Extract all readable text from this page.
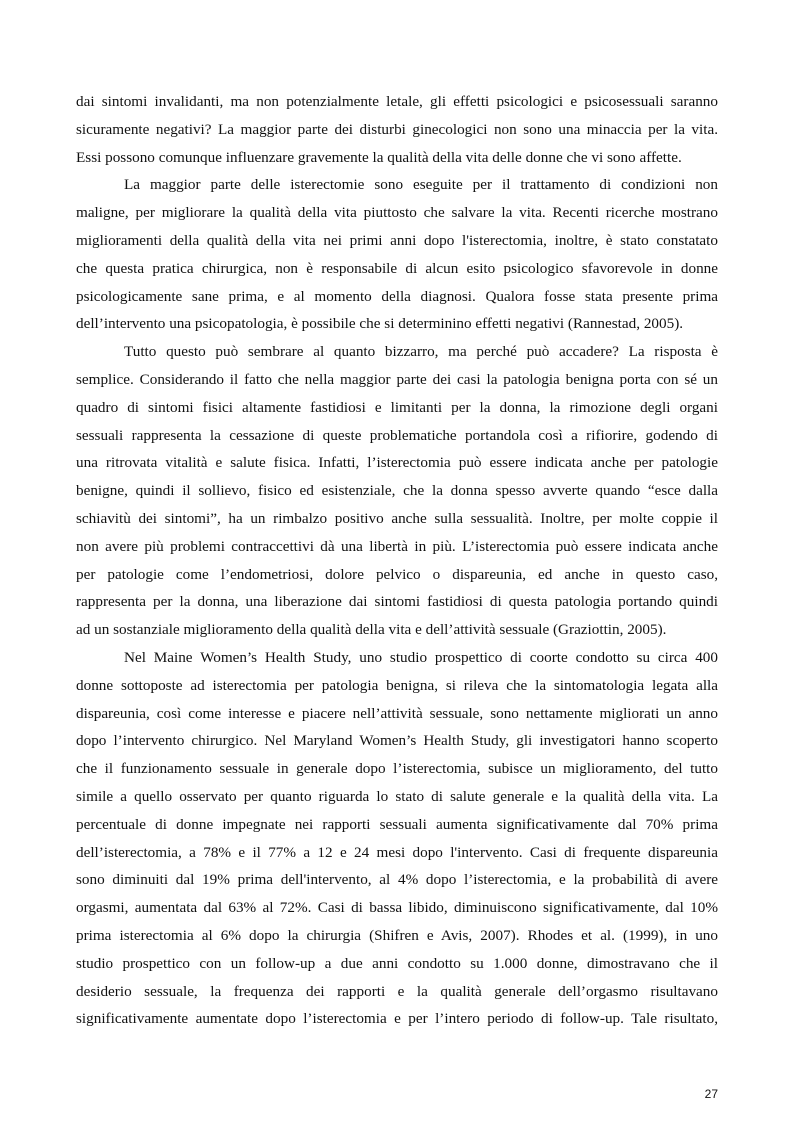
dai sintomi invalidanti, ma non potenzialmente letale, gli effetti psicologici e psicosessuali saranno
sicuramente negativi? La maggior parte dei disturbi ginecologici non sono una minaccia per la vita.
Essi possono comunque influenzare gravemente la qualità della vita delle donne che vi sono affette.
La maggior parte delle isterectomie sono eseguite per il trattamento di condizioni non
maligne, per migliorare la qualità della vita piuttosto che salvare la vita. Recenti ricerche mostrano
miglioramenti della qualità della vita nei primi anni dopo l'isterectomia, inoltre, è stato constatato
che questa pratica chirurgica, non è responsabile di alcun esito psicologico sfavorevole in donne
psicologicamente sane prima, e al momento della diagnosi. Qualora fosse stata presente prima
dell’intervento una psicopatologia, è possibile che si determinino effetti negativi (Rannestad, 2005).
Tutto questo può sembrare al quanto bizzarro, ma perché può accadere? La risposta è
semplice. Considerando il fatto che nella maggior parte dei casi la patologia benigna porta con sé un
quadro di sintomi fisici altamente fastidiosi e limitanti per la donna, la rimozione degli organi
sessuali rappresenta la cessazione di queste problematiche portandola così a rifiorire, godendo di
una ritrovata vitalità e salute fisica. Infatti, l’isterectomia può essere indicata anche per patologie
benigne, quindi il sollievo, fisico ed esistenziale, che la donna spesso avverte quando “esce dalla
schiavitù dei sintomi”, ha un rimbalzo positivo anche sulla sessualità. Inoltre, per molte coppie il
non avere più problemi contraccettivi dà una libertà in più. L’isterectomia può essere indicata anche
per patologie come l’endometriosi, dolore pelvico o dispareunia, ed anche in questo caso,
rappresenta per la donna, una liberazione dai sintomi fastidiosi di questa patologia portando quindi
ad un sostanziale miglioramento della qualità della vita e dell’attività sessuale (Graziottin, 2005).
Nel Maine Women’s Health Study, uno studio prospettico di coorte condotto su circa 400
donne sottoposte ad isterectomia per patologia benigna, si rileva che la sintomatologia legata alla
dispareunia, così come interesse e piacere nell’attività sessuale, sono nettamente migliorati un anno
dopo l’intervento chirurgico. Nel Maryland Women’s Health Study, gli investigatori hanno scoperto
che il funzionamento sessuale in generale dopo l’isterectomia, subisce un miglioramento, del tutto
simile a quello osservato per quanto riguarda lo stato di salute generale e la qualità della vita. La
percentuale di donne impegnate nei rapporti sessuali aumenta significativamente dal 70% prima
dell’isterectomia, a 78% e il 77% a 12 e 24 mesi dopo l'intervento. Casi di frequente dispareunia
sono diminuiti dal 19% prima dell'intervento, al 4% dopo l’isterectomia, e la probabilità di avere
orgasmi, aumentata dal 63% al 72%. Casi di bassa libido, diminuiscono significativamente, dal 10%
prima isterectomia al 6% dopo la chirurgia (Shifren e Avis, 2007). Rhodes et al. (1999), in uno
studio prospettico con un follow-up a due anni condotto su 1.000 donne, dimostravano che il
desiderio sessuale, la frequenza dei rapporti e la qualità generale dell’orgasmo risultavano
significativamente aumentate dopo l’isterectomia e per l’intero periodo di follow-up. Tale risultato,
27
